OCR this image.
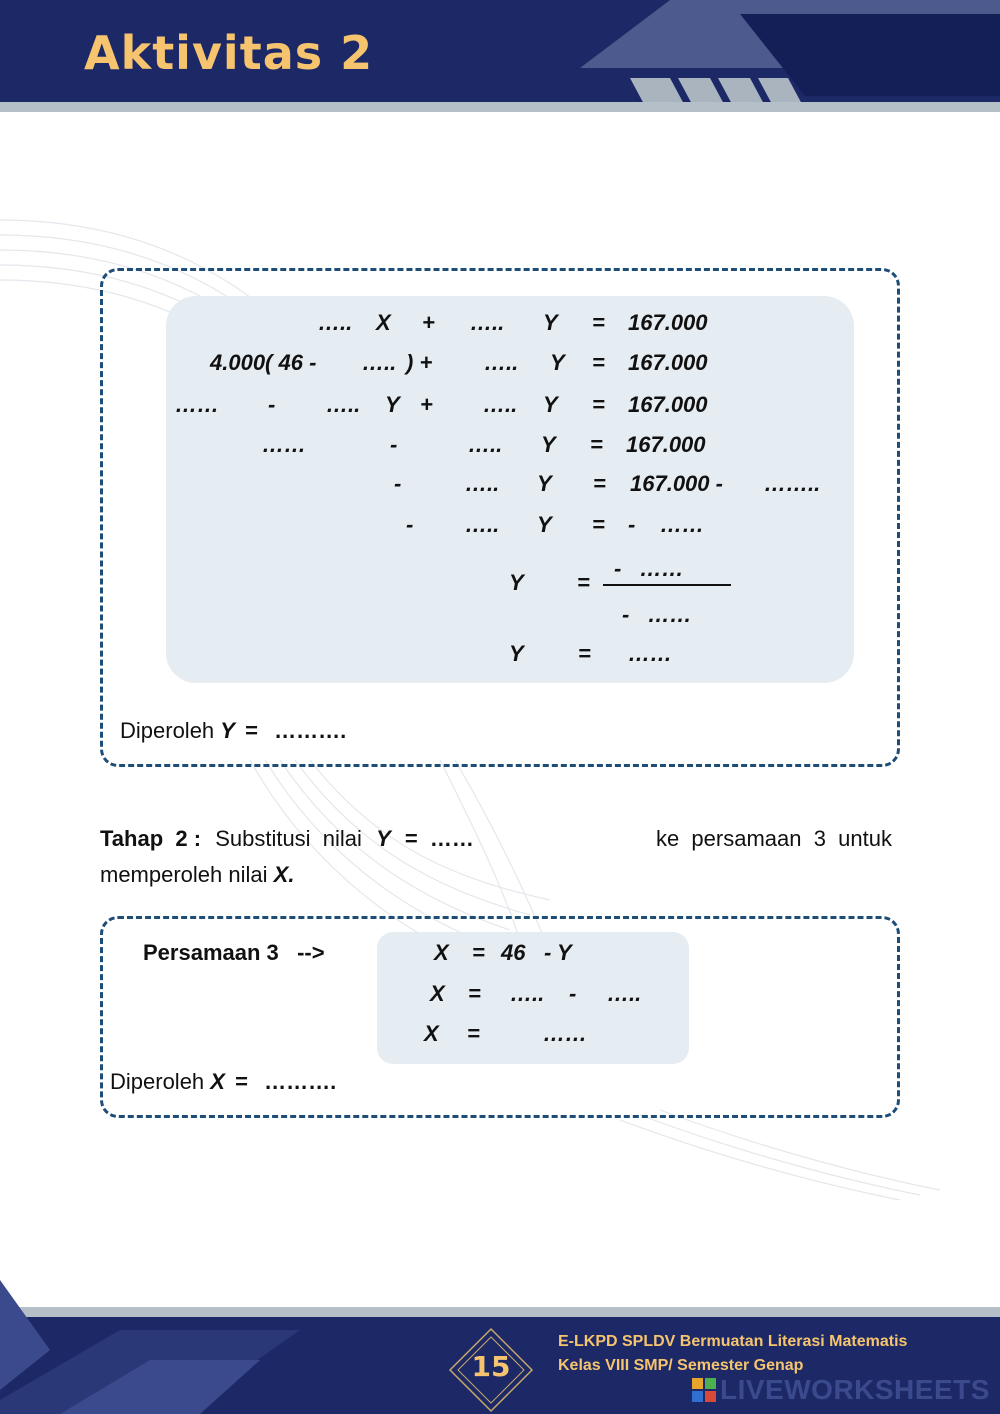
Aktivitas 2
….. X + ….. Y = 167.000
4.000( 46 - ….. ) + ….. Y = 167.000
…… - ….. Y + ….. Y = 167.000
……	-	….. Y = 167.000
-	….. Y = 167.000 - ……..
- ….. Y = - ……
Y =
-   ……
-   ……
Y = ……
Diperoleh Y = ……….
Tahap  2 : Substitusi  nilai Y = ……	ke  persamaan  3  untuk
memperoleh nilai X.
Persamaan 3   -->	X = 46 - Y
X = ….. - …..
X =	……
Diperoleh X = ……….
15
E-LKPD SPLDV Bermuatan Literasi Matematis
Kelas VIII SMP/ Semester Genap
LIVEWORKSHEETS
